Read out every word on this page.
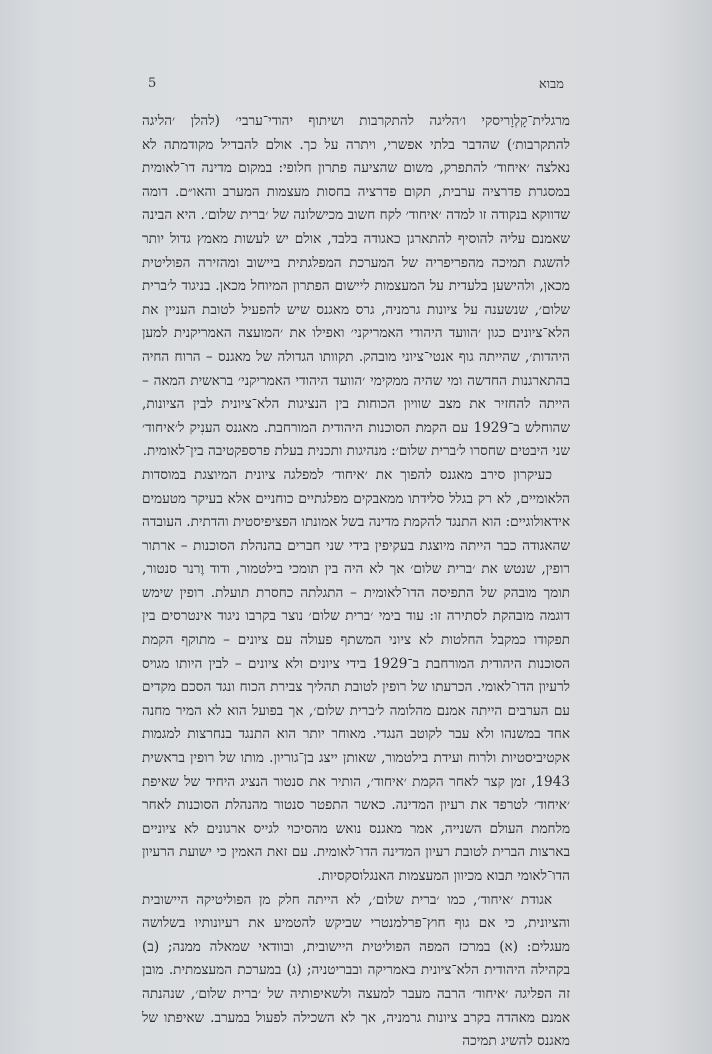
מבוא
5

מרגלית־קָלְוָריסקי ו׳הליגה להתקרבות ושיתוף יהודי־ערבי׳ (להלן ׳הליגה להתקרבות׳) שהדבר בלתי אפשרי, ויתרה על כך. אולם להבדיל מקודמתה לא נאלצה ׳איחוד׳ להתפרק, משום שהציעה פתרון חלופי: במקום מדינה דו־לאומית במסגרת פדרציה ערבית, תקום פדרציה בחסות מעצמות המערב והאו״ם. דומה שדווקא בנקודה זו למדה ׳איחוד׳ לקח חשוב מכישלונה של ׳ברית שלום׳. היא הבינה שאמנם עליה להוסיף להתארגן כאגודה בלבד, אולם יש לעשות מאמץ גדול יותר להשגת תמיכה מהפריפריה של המערכת המפלגתית ביישוב ומהזירה הפוליטית מכאן, ולהישען בלעדית על המעצמות ליישום הפתרון המיוחל מכאן. בניגוד ל׳ברית שלום׳, שנשענה על ציונות גרמניה, גרס מאגנס שיש להפעיל לטובת העניין את הלא־ציונים כגון ׳הוועד היהודי האמריקני׳ ואפילו את ׳המועצה האמריקנית למען היהדות׳, שהייתה גוף אנטי־ציוני מובהק. תקוותו הגדולה של מאגנס – הרוח החיה בהתארגנות החדשה ומי שהיה ממקימי ׳הוועד היהודי האמריקני׳ בראשית המאה – הייתה להחזיר את מצב שוויון הכוחות בין הנציגות הלא־ציונית לבין הציונות, שהוחלש ב־1929 עם הקמת הסוכנות היהודית המורחבת. מאגנס הענִיק ל׳איחוד׳ שני היבטים שחסרו ל׳ברית שלום׳: מנהיגות ותכנית בעלת פרספקטיבה בין־לאומית.

כעיקרון סירב מאגנס להפוך את ׳איחוד׳ למפלגה ציונית המיוצגת במוסדות הלאומיים, לא רק בגלל סלידתו ממאבקים מפלגתיים כוחניים אלא בעיקר מטעמים אידאולוגיים: הוא התנגד להקמת מדינה בשל אמונתו הפציפיסטית והדתית. העובדה שהאגודה כבר הייתה מיוצגת בעקיפין בידי שני חברים בהנהלת הסוכנות – ארתור רופין, שנטש את ׳ברית שלום׳ אך לא היה בין תומכי בילטמור, ודוד וֶרנר סנטור, תומך מובהק של התפיסה הדו־לאומית – התגלתה כחסרת תועלת. רופין שימש דוגמה מובהקת לסתירה זו: עוד בימי ׳ברית שלום׳ נוצר בקרבו ניגוד אינטרסים בין תפקודו כמקבל החלטות לא ציוני המשתף פעולה עם ציונים – מתוקף הקמת הסוכנות היהודית המורחבת ב־1929 בידי ציונים ולא ציונים – לבין היותו מגויס לרעיון הדו־לאומי. הכרעתו של רופין לטובת תהליך צבירת הכוח ונגד הסכם מקדים עם הערבים הייתה אמנם מהלומה ל׳ברית שלום׳, אך בפועל הוא לא המיר מחנה אחד במשנהו ולא עבר לקוטב הנגדי. מאוחר יותר הוא התנגד בנחרצות למגמות אקטיביסטיות ולרוח ועידת בילטמור, שאותן ייצג בן־גוריון. מותו של רופין בראשית 1943, זמן קצר לאחר הקמת ׳איחוד׳, הותיר את סנטור הנציג היחיד של שאיפת ׳איחוד׳ לטרפד את רעיון המדינה. כאשר התפטר סנטור מהנהלת הסוכנות לאחר מלחמת העולם השנייה, אמר מאגנס נואש מהסיכוי לגייס ארגונים לא ציוניים בארצות הברית לטובת רעיון המדינה הדו־לאומית. עם זאת האמין כי ישועת הרעיון הדו־לאומי תבוא מכיוון המעצמות האנגלוסקסיות.

אגודת ׳איחוד׳, כמו ׳ברית שלום׳, לא הייתה חלק מן הפוליטיקה היישובית והציונית, כי אם גוף חוץ־פרלמנטרי שביקש להטמיע את רעיונותיו בשלושה מעגלים: (א) במרכז המפה הפוליטית היישובית, ובוודאי שמאלה ממנה; (ב) בקהילה היהודית הלא־ציונית באמריקה ובבריטניה; (ג) במערכת המעצמתית. מובן זה הפליגה ׳איחוד׳ הרבה מעבר למעצה ולשאיפותיה של ׳ברית שלום׳, שנהנתה אמנם מאהדה בקרב ציונות גרמניה, אך לא השכילה לפעול במערב. שאיפתו של מאגנס להשיג תמיכה
